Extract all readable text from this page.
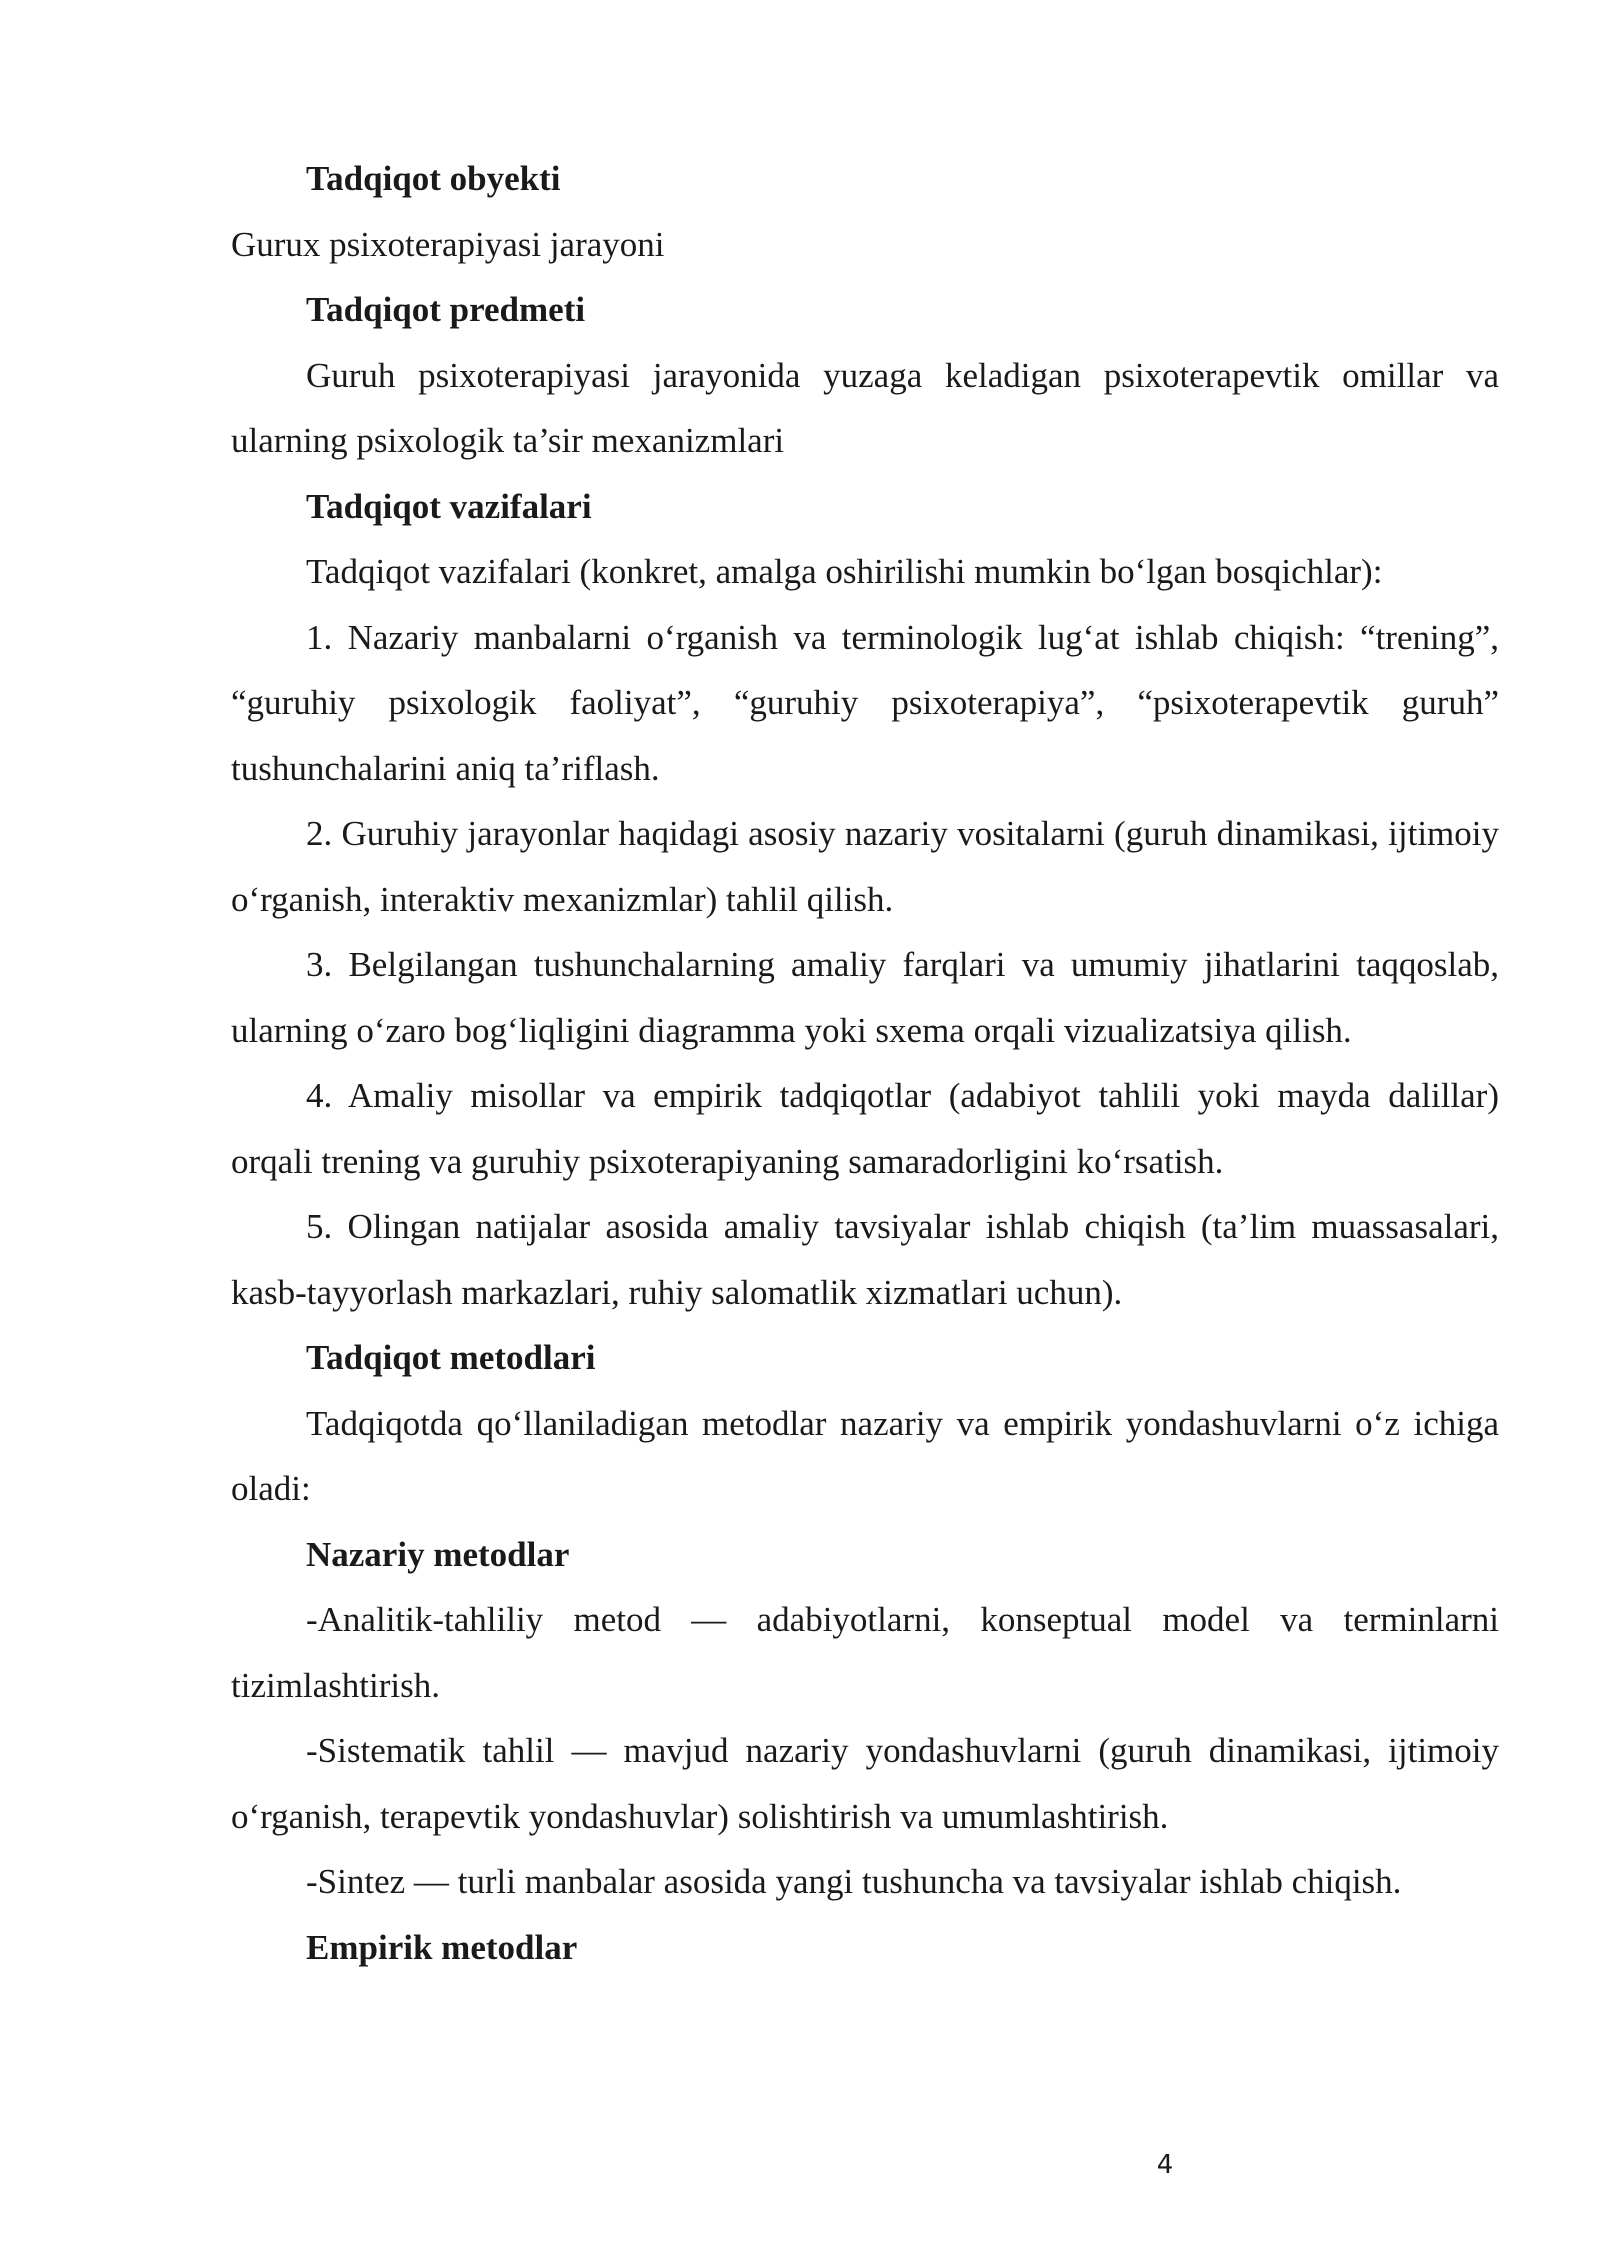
Tadqiqot obyekti

Gurux psixoterapiyasi jarayoni

Tadqiqot predmeti

Guruh psixoterapiyasi jarayonida yuzaga keladigan psixoterapevtik omillar va ularning psixologik ta’sir mexanizmlari

Tadqiqot vazifalari

Tadqiqot vazifalari (konkret, amalga oshirilishi mumkin bo‘lgan bosqichlar):

1. Nazariy manbalarni o‘rganish va terminologik lug‘at ishlab chiqish: “trening”, “guruhiy psixologik faoliyat”, “guruhiy psixoterapiya”, “psixoterapevtik guruh” tushunchalarini aniq ta’riflash.

2. Guruhiy jarayonlar haqidagi asosiy nazariy vositalarni (guruh dinamikasi, ijtimoiy o‘rganish, interaktiv mexanizmlar) tahlil qilish.

3. Belgilangan tushunchalarning amaliy farqlari va umumiy jihatlarini taqqoslab, ularning o‘zaro bog‘liqligini diagramma yoki sxema orqali vizualizatsiya qilish.

4. Amaliy misollar va empirik tadqiqotlar (adabiyot tahlili yoki mayda dalillar) orqali trening va guruhiy psixoterapiyaning samaradorligini ko‘rsatish.

5. Olingan natijalar asosida amaliy tavsiyalar ishlab chiqish (ta’lim muassasalari, kasb-tayyorlash markazlari, ruhiy salomatlik xizmatlari uchun).

Tadqiqot metodlari

Tadqiqotda qo‘llaniladigan metodlar nazariy va empirik yondashuvlarni o‘z ichiga oladi:

Nazariy metodlar

-Analitik-tahliliy metod — adabiyotlarni, konseptual model va terminlarni tizimlashtirish.

-Sistematik tahlil — mavjud nazariy yondashuvlarni (guruh dinamikasi, ijtimoiy o‘rganish, terapevtik yondashuvlar) solishtirish va umumlashtirish.

-Sintez — turli manbalar asosida yangi tushuncha va tavsiyalar ishlab chiqish.

Empirik metodlar

4
